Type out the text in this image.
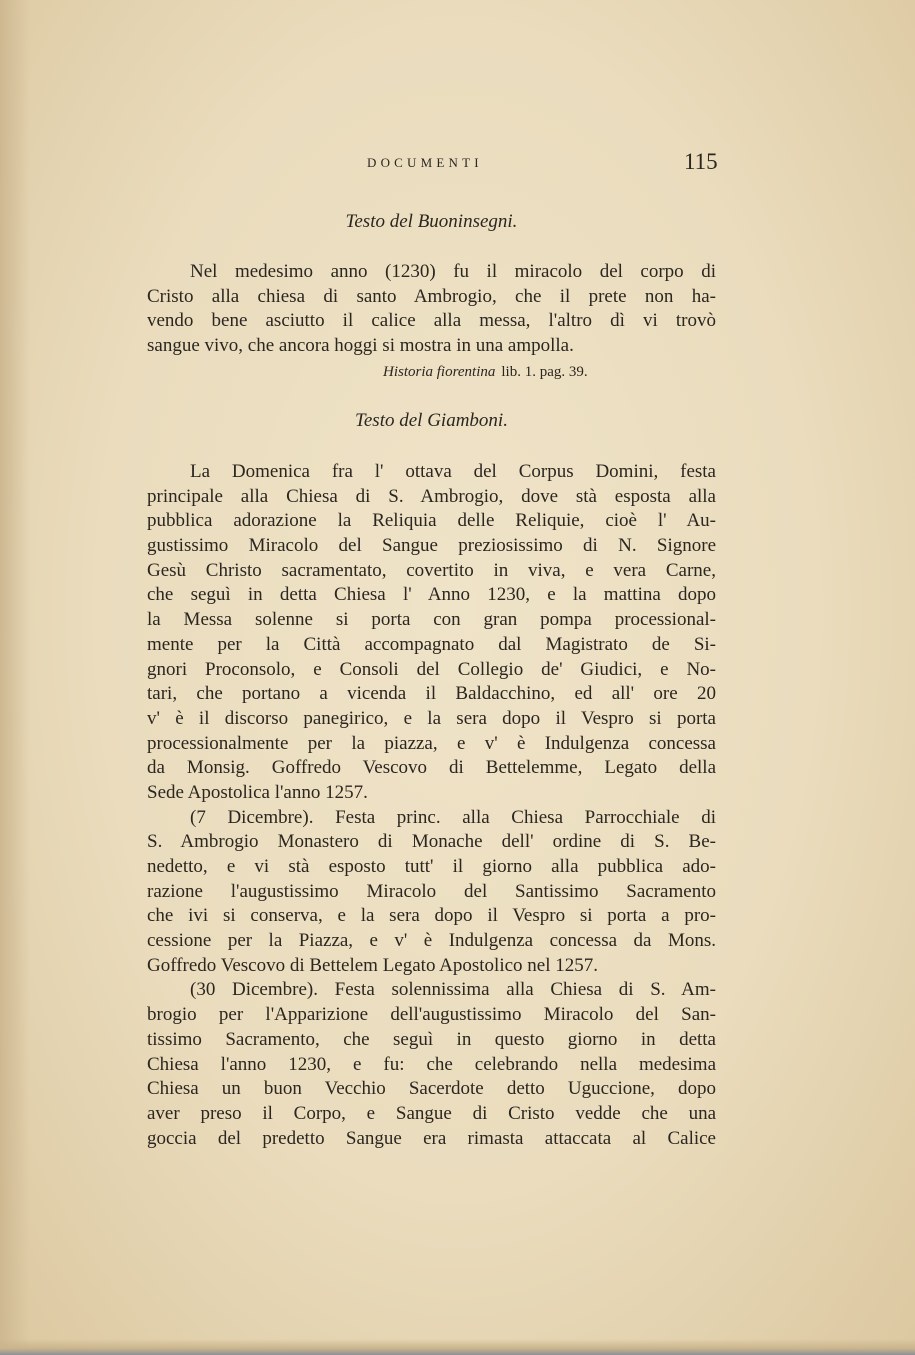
DOCUMENTI	115
Testo del Buoninsegni.
Nel medesimo anno (1230) fu il miracolo del corpo di
Cristo alla chiesa di santo Ambrogio, che il prete non ha-
vendo bene asciutto il calice alla messa, l'altro dì vi trovò
sangue vivo, che ancora hoggi si mostra in una ampolla.
Historia fiorentina lib. 1. pag. 39.
Testo del Giamboni.
La Domenica fra l' ottava del Corpus Domini, festa
principale alla Chiesa di S. Ambrogio, dove stà esposta alla
pubblica adorazione la Reliquia delle Reliquie, cioè l' Au-
gustissimo Miracolo del Sangue preziosissimo di N. Signore
Gesù Christo sacramentato, covertito in viva, e vera Carne,
che seguì in detta Chiesa l' Anno 1230, e la mattina dopo
la Messa solenne si porta con gran pompa processional-
mente per la Città accompagnato dal Magistrato de Si-
gnori Proconsolo, e Consoli del Collegio de' Giudici, e No-
tari, che portano a vicenda il Baldacchino, ed all' ore 20
v' è il discorso panegirico, e la sera dopo il Vespro si porta
processionalmente per la piazza, e v' è Indulgenza concessa
da Monsig. Goffredo Vescovo di Bettelemme, Legato della
Sede Apostolica l'anno 1257.
(7 Dicembre). Festa princ. alla Chiesa Parrocchiale di
S. Ambrogio Monastero di Monache dell' ordine di S. Be-
nedetto, e vi stà esposto tutt' il giorno alla pubblica ado-
razione l'augustissimo Miracolo del Santissimo Sacramento
che ivi si conserva, e la sera dopo il Vespro si porta a pro-
cessione per la Piazza, e v' è Indulgenza concessa da Mons.
Goffredo Vescovo di Bettelem Legato Apostolico nel 1257.
(30 Dicembre). Festa solennissima alla Chiesa di S. Am-
brogio per l'Apparizione dell'augustissimo Miracolo del San-
tissimo Sacramento, che seguì in questo giorno in detta
Chiesa l'anno 1230, e fu: che celebrando nella medesima
Chiesa un buon Vecchio Sacerdote detto Uguccione, dopo
aver preso il Corpo, e Sangue di Cristo vedde che una
goccia del predetto Sangue era rimasta attaccata al Calice
